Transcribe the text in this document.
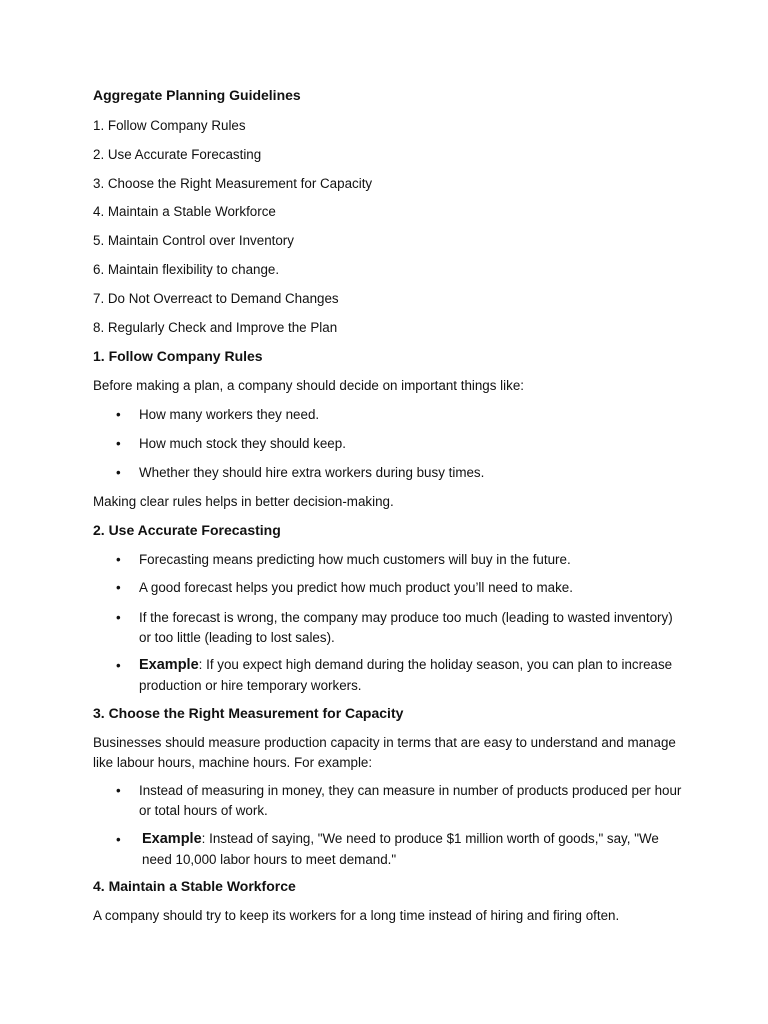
Aggregate Planning Guidelines

1. Follow Company Rules

2. Use Accurate Forecasting

3. Choose the Right Measurement for Capacity

4. Maintain a Stable Workforce

5. Maintain Control over Inventory

6. Maintain flexibility to change.

7. Do Not Overreact to Demand Changes

8. Regularly Check and Improve the Plan

1. Follow Company Rules

Before making a plan, a company should decide on important things like:

•	How many workers they need.

•	How much stock they should keep.

•	Whether they should hire extra workers during busy times.

Making clear rules helps in better decision-making.

2. Use Accurate Forecasting

•	Forecasting means predicting how much customers will buy in the future.

•	A good forecast helps you predict how much product you’ll need to make.

•	If the forecast is wrong, the company may produce too much (leading to wasted inventory) or too little (leading to lost sales).

•	Example: If you expect high demand during the holiday season, you can plan to increase production or hire temporary workers.

3. Choose the Right Measurement for Capacity

Businesses should measure production capacity in terms that are easy to understand and manage like labour hours, machine hours. For example:

•	Instead of measuring in money, they can measure in number of products produced per hour or total hours of work.

•	Example: Instead of saying, "We need to produce $1 million worth of goods," say, "We need 10,000 labor hours to meet demand."

4. Maintain a Stable Workforce

A company should try to keep its workers for a long time instead of hiring and firing often.
